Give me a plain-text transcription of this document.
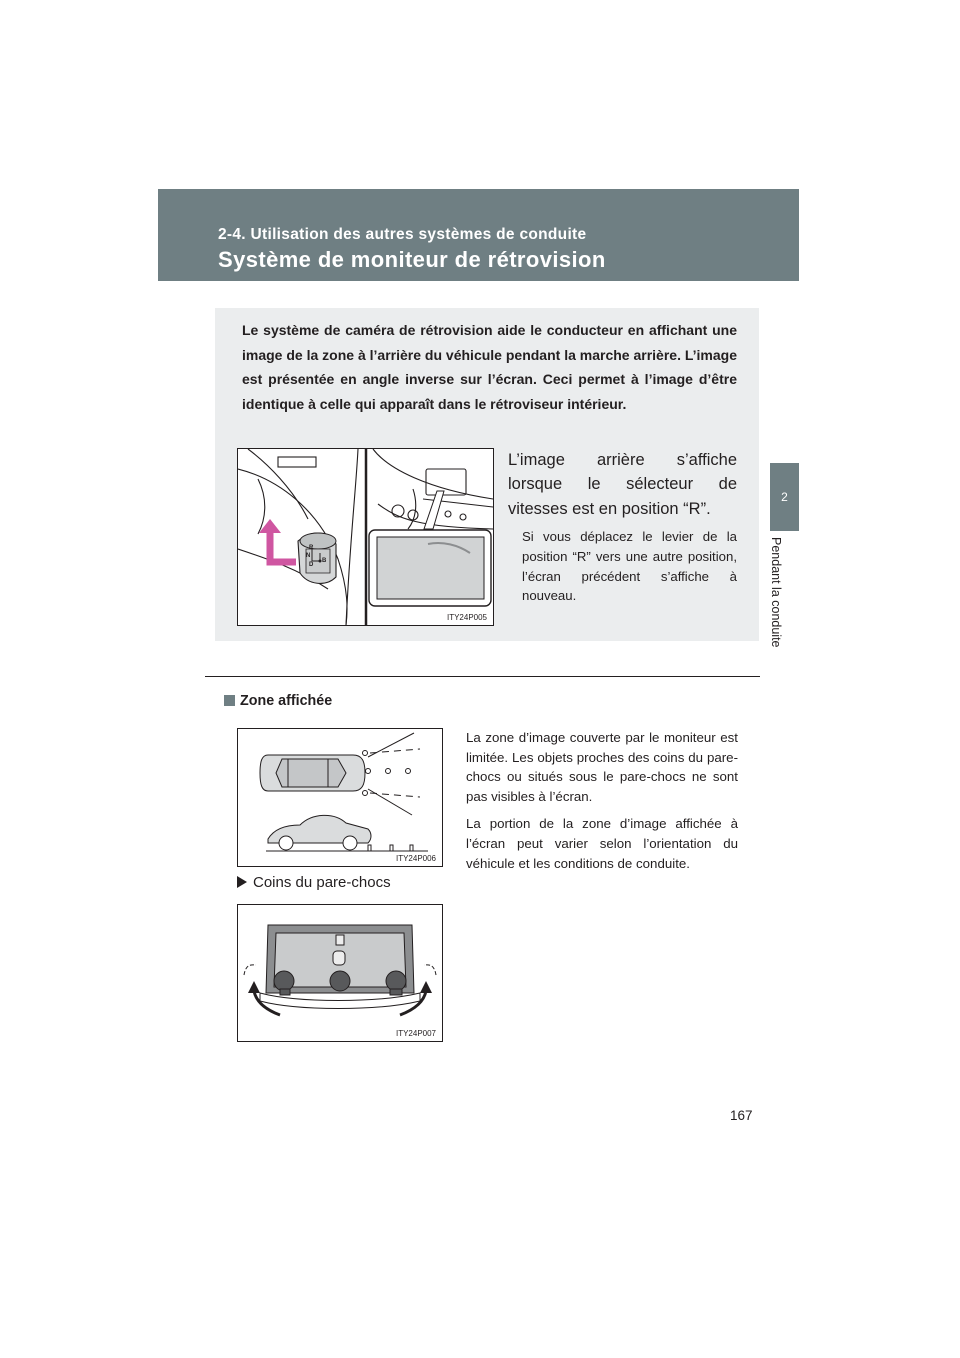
2-4. Utilisation des autres systèmes de conduite
Système de moniteur de rétrovision
2
Pendant la conduite
Le système de caméra de rétrovision aide le conducteur en affichant une image de la zone à l’arrière du véhicule pendant la marche arrière. L’image est présentée en angle inverse sur l’écran. Ceci permet à l’image d’être identique à celle qui apparaît dans le rétroviseur intérieur.
R
N
D
B
ITY24P005
L’image arrière s’affiche lorsque le sélecteur de vitesses est en position “R”.
Si vous déplacez le levier de la position “R” vers une autre position, l’écran précédent s’affiche à nouveau.
Zone affichée
ITY24P006

La zone d’image couverte par le moniteur est limitée. Les objets proches des coins du pare-chocs ou situés sous le pare-chocs ne sont pas visibles à l’écran.

La portion de la zone d’image affichée à l’écran peut varier selon l’orientation du véhicule et les conditions de conduite.

Coins du pare-chocs
ITY24P007
167
